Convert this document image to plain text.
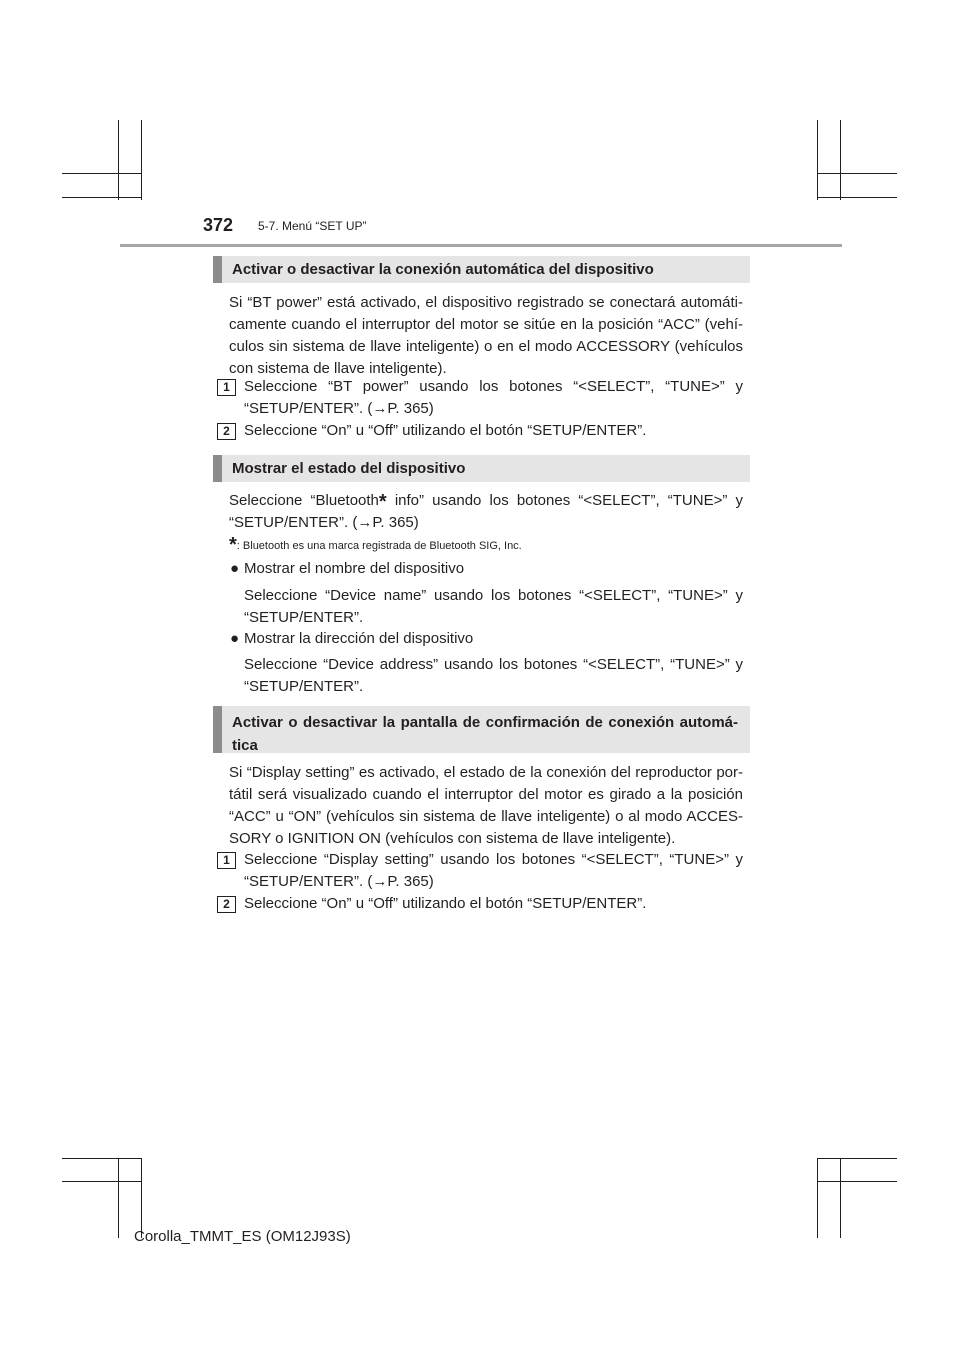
372 5-7. Menú “SET UP”
Activar o desactivar la conexión automática del dispositivo

Si “BT power” está activado, el dispositivo registrado se conectará automáti-camente cuando el interruptor del motor se sitúe en la posición “ACC” (vehí-culos sin sistema de llave inteligente) o en el modo ACCESSORY (vehículos con sistema de llave inteligente).

1 Seleccione “BT power” usando los botones “<SELECT”, “TUNE>” y “SETUP/ENTER”. (→P. 365)

2 Seleccione “On” u “Off” utilizando el botón “SETUP/ENTER”.

Mostrar el estado del dispositivo

Seleccione “Bluetooth* info” usando los botones “<SELECT”, “TUNE>” y “SETUP/ENTER”. (→P. 365)

*: Bluetooth es una marca registrada de Bluetooth SIG, Inc.
● Mostrar el nombre del dispositivo

Seleccione “Device name” usando los botones “<SELECT”, “TUNE>” y “SETUP/ENTER”.

● Mostrar la dirección del dispositivo

Seleccione “Device address” usando los botones “<SELECT”, “TUNE>” y “SETUP/ENTER”.

Activar o desactivar la pantalla de confirmación de conexión automá-tica

Si “Display setting” es activado, el estado de la conexión del reproductor por-tátil será visualizado cuando el interruptor del motor es girado a la posición “ACC” u “ON” (vehículos sin sistema de llave inteligente) o al modo ACCES-SORY o IGNITION ON (vehículos con sistema de llave inteligente).

1 Seleccione “Display setting” usando los botones “<SELECT”, “TUNE>” y “SETUP/ENTER”. (→P. 365)

2 Seleccione “On” u “Off” utilizando el botón “SETUP/ENTER”.

Corolla_TMMT_ES (OM12J93S)
